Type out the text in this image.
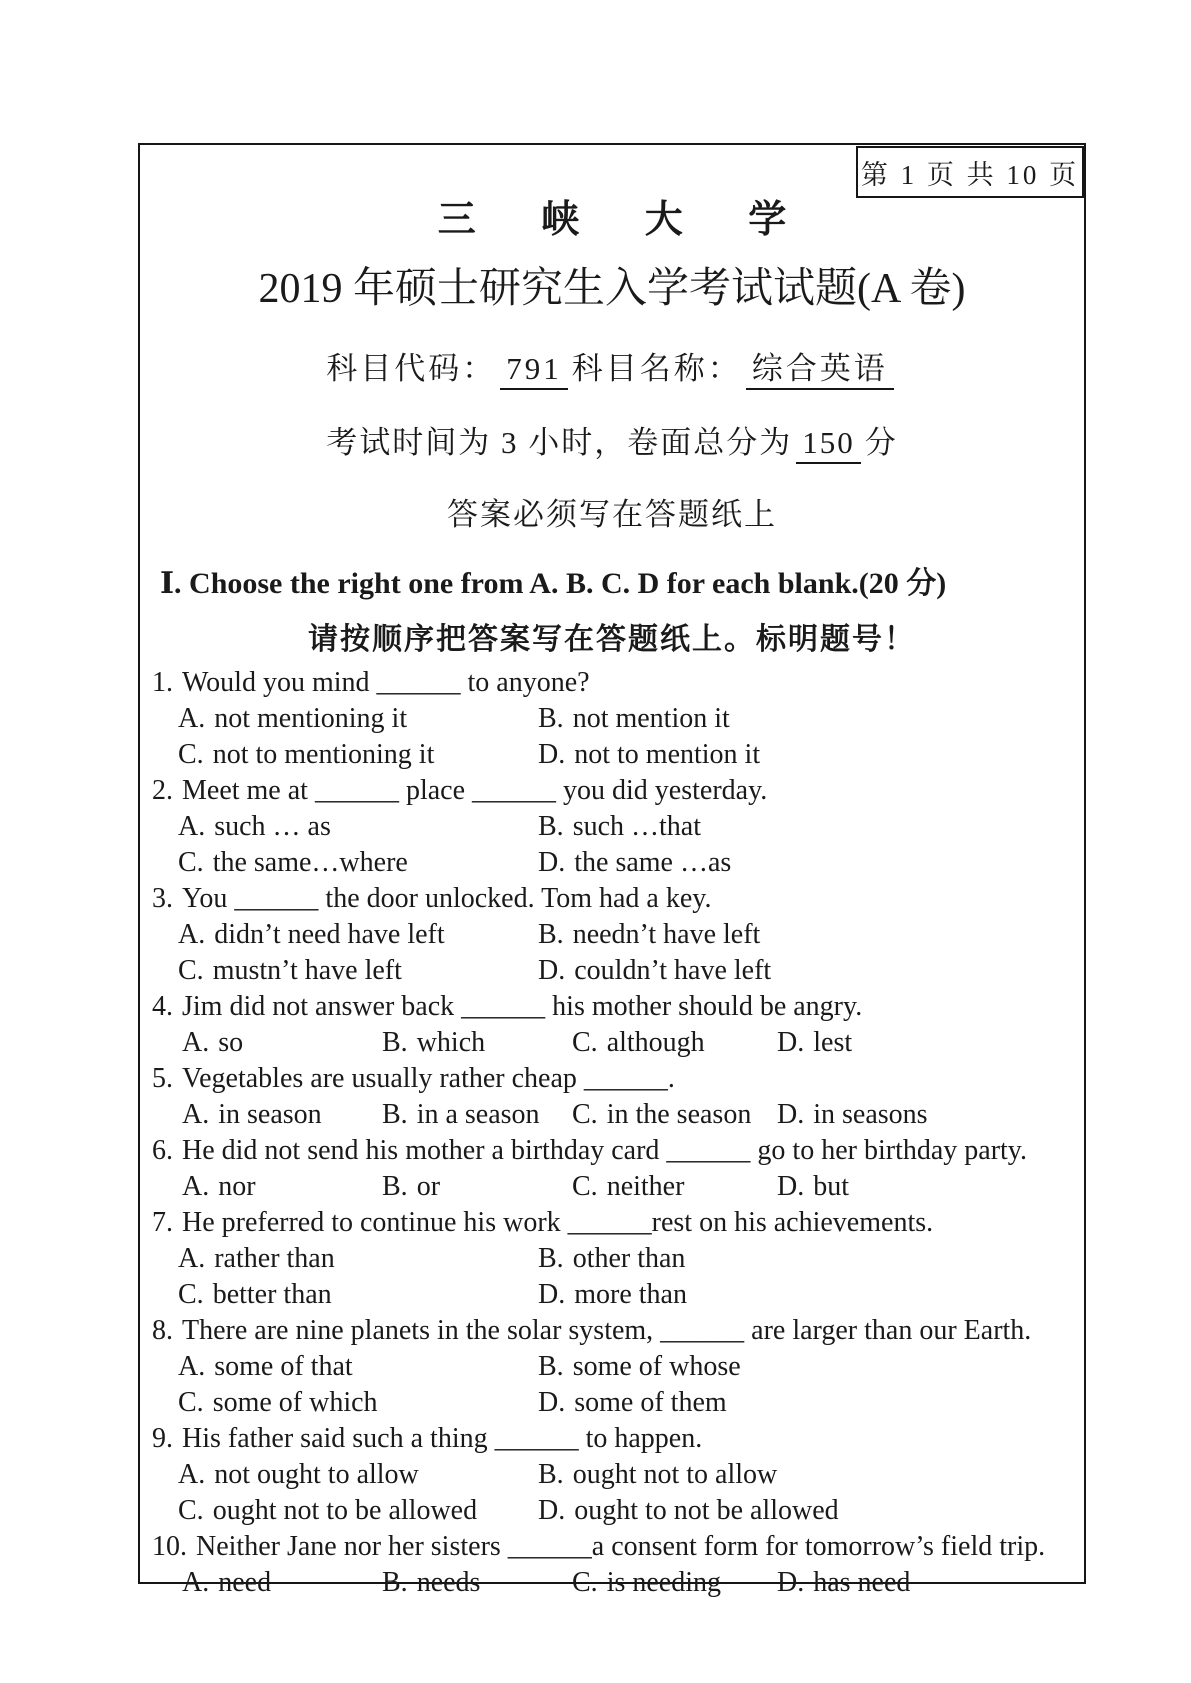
第 1 页 共 10 页
三 峡 大 学
2019 年硕士研究生入学考试试题(A 卷)
科目代码： 791 科目名称： 综合英语
考试时间为 3 小时，卷面总分为 150 分
答案必须写在答题纸上
Ⅰ. Choose the right one from A. B. C. D for each blank.(20 分)
请按顺序把答案写在答题纸上。标明题号！
1. Would you mind ______ to anyone?
A. not mentioning it	B. not mention it
C. not to mentioning it	D. not to mention it
2. Meet me at ______ place ______ you did yesterday.
A. such … as	B. such …that
C. the same…where	D. the same …as
3. You ______ the door unlocked. Tom had a key.
A. didn’t need have left	B. needn’t have left
C. mustn’t have left	D. couldn’t have left
4. Jim did not answer back ______ his mother should be angry.
A. so	B. which	C. although	D. lest
5. Vegetables are usually rather cheap ______.
A. in season	B. in a season	C. in the season D. in seasons
6. He did not send his mother a birthday card ______ go to her birthday party.
A. nor	B. or	C. neither	D. but
7. He preferred to continue his work ______rest on his achievements.
A. rather than	B. other than
C. better than	D. more than
8. There are nine planets in the solar system, ______ are larger than our Earth.
A. some of that	B. some of whose
C. some of which	D. some of them
9. His father said such a thing ______ to happen.
A. not ought to allow	B. ought not to allow
C. ought not to be allowed	D. ought to not be allowed
10. Neither Jane nor her sisters ______a consent form for tomorrow’s field trip.
A. need	B. needs	C. is needing	D. has need
